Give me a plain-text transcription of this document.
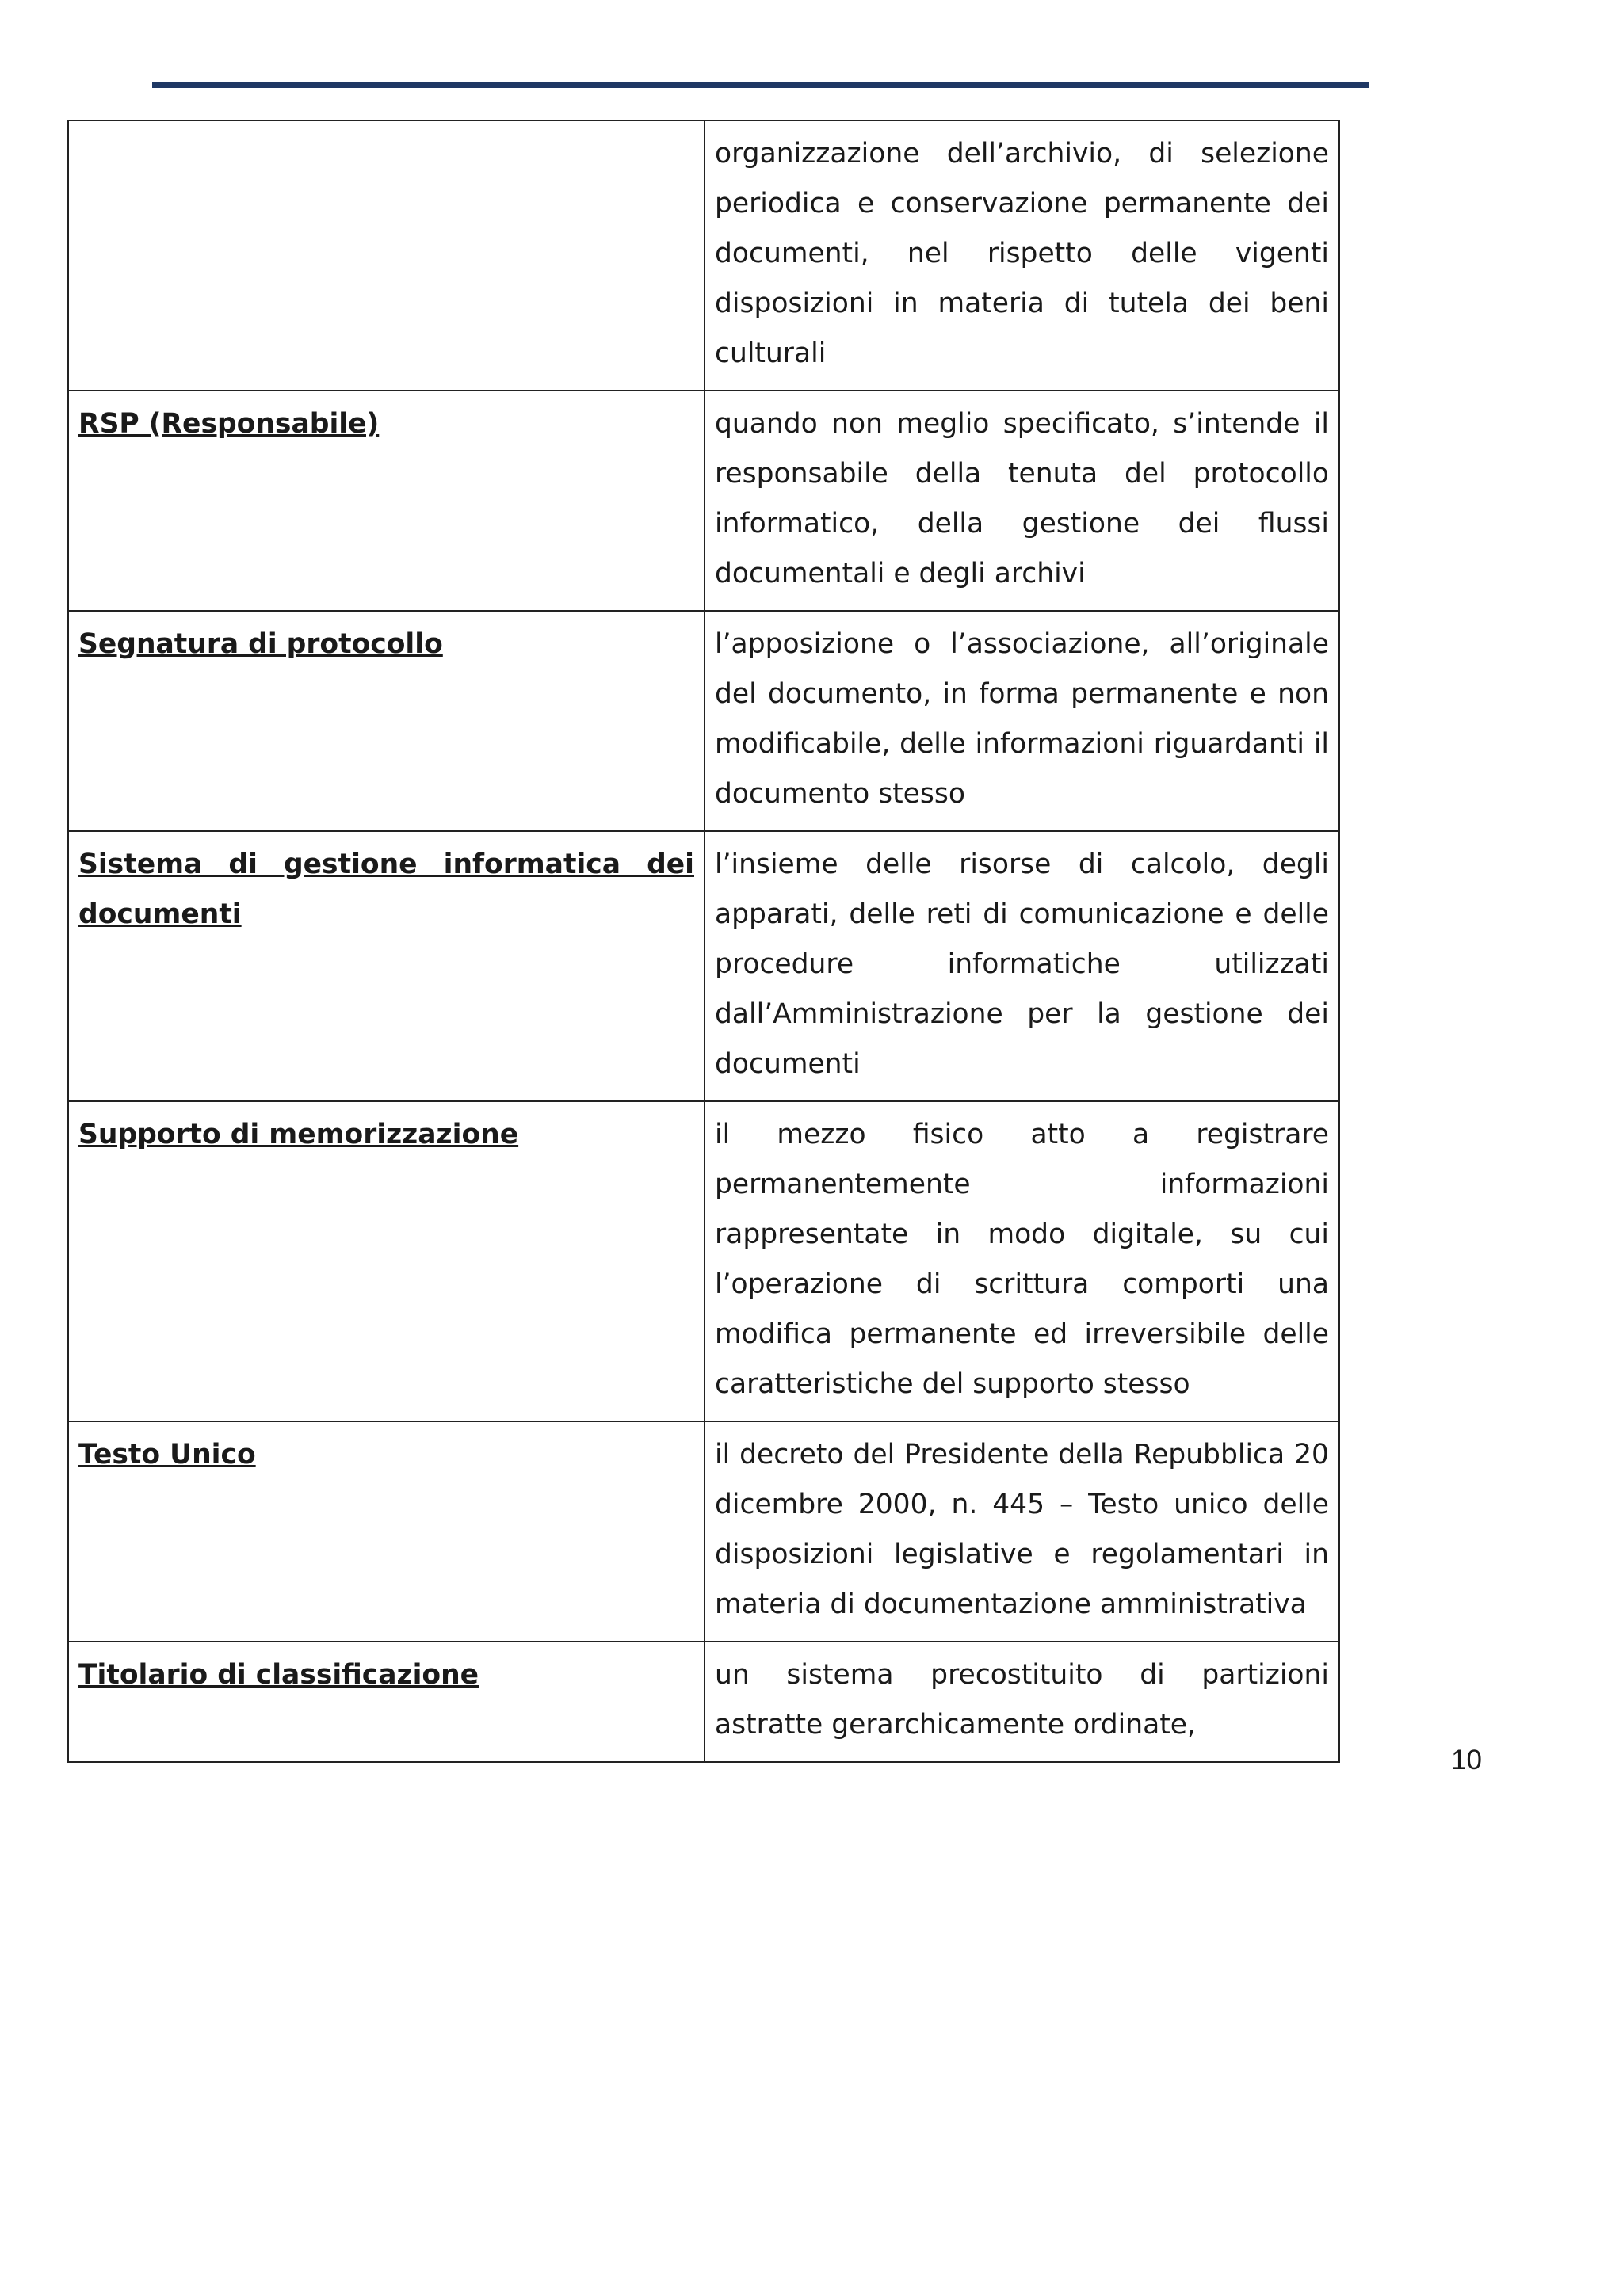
	organizzazione dell’archivio, di selezione periodica e conservazione permanente dei documenti, nel rispetto delle vigenti disposizioni in materia di tutela dei beni culturali
RSP (Responsabile)	quando non meglio specificato, s’intende il responsabile della tenuta del protocollo informatico, della gestione dei flussi documentali e degli archivi
Segnatura di protocollo	l’apposizione o l’associazione, all’originale del documento, in forma permanente e non modificabile, delle informazioni riguardanti il documento stesso
Sistema di gestione informatica dei documenti	l’insieme delle risorse di calcolo, degli apparati, delle reti di comunicazione e delle procedure informatiche utilizzati dall’Amministrazione per la gestione dei documenti
Supporto di memorizzazione	il mezzo fisico atto a registrare permanentemente informazioni rappresentate in modo digitale, su cui l’operazione di scrittura comporti una modifica permanente ed irreversibile delle caratteristiche del supporto stesso
Testo Unico	il decreto del Presidente della Repubblica 20 dicembre 2000, n. 445 – Testo unico delle disposizioni legislative e regolamentari in materia di documentazione amministrativa
Titolario di classificazione	un sistema precostituito di partizioni astratte gerarchicamente ordinate,
10
